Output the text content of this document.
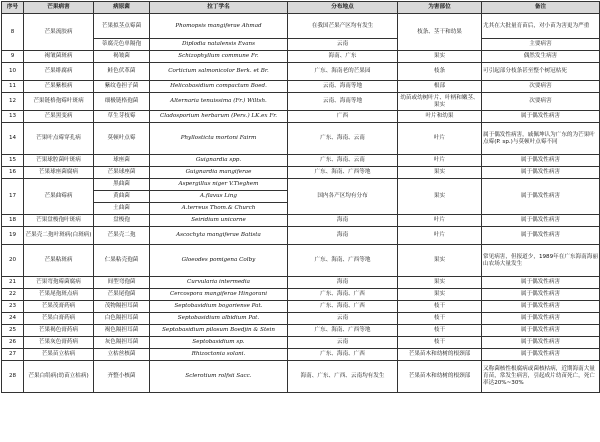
序号	芒果病害	病原菌	拉丁学名	分布地点	为害部位	备注
8	芒果流胶病	芒果拟茎点霉菌	Phomopsis mangiferae Ahmad	在我国芒果产区均有发生	枝条、茎干和幼果	尤其在大批量育苗后，对小苗为害更为严重
		蒂腐壳色单隔孢	Diplodia natalensis Evans	云南		主要病害
9	褐皱菌斑病	褐皱菌	Schizophyllum commune Fr.	海南、广东	果实	偶然发生病害
10	芒果绯腐病	鲑色伏革菌	Corticium salmonicolor Berk. et Br.	广东、海南老的芒果园	枝条	可引起部分枝条甚至整个树冠枯死
11	芒果紫根病	紫纹卷担子菌	Helicobasidium compactum Boed.	云南、海南等地	根部	次要病害
12	芒果链格孢霉叶斑病	细极链格孢菌	Alternaria tenuissima (Fr.) Wiltsh.	云南、海南等地	幼苗或幼树叶片、叶柄和嫩茎、果实	次要病害
13	芒果黑变病	草生芽枝霉	Cladosporium herbarum (Pers.) LK.ex Fr.	广西	叶片和幼果	属于偶发性病害
14	芒果叶点霉穿孔病	莫顿叶点霉	Phyllosticta mortoni Fairm	广东、海南、云南	叶片	属于偶发性病害，戚佩坤认为广东的为芒果叶点霉(P. sp.)与莫顿叶点霉不同
15	芒果球腔菌叶斑病	球座菌	Guignardia spp.	广东、海南、云南	叶片	属于偶发性病害
16	芒果球座菌腐病	芒果球座菌	Guignardia mangiferae	广东、海南、广西等地	果实	属于偶发性病害
17	芒果曲霉病	黑曲菌	Aspergillus niger V.Tieghem	国内各产区均有分布	果实	属于偶发性病害
		黄曲菌	A.flavus Ling			
		土曲菌	A.terreus Thom.& Church			
18	芒果盘梭孢叶斑病	盘梭孢	Seiridium unicorne	海南	叶片	属于偶发性病害
19	芒果壳二孢叶斑病(白斑病)	芒果壳二孢	Ascochyta mangiferae Batista	海南	叶片	属于偶发性病害
20	芒果粘斑病	仁果粘壳孢菌	Gloeodes pomigena Colby	广东、海南、广西等地	果实	常见病害，但报道少，1989年在广东海南海丽山农场大量发生
21	芒果弯孢霉菌腐病	间型弯孢菌	Curvularia intermedia	海南	果实	属于偶发性病害
22	芒果尾孢斑点病	芒果尾孢菌	Cercospora mangiferae Hingorani	广东、海南、广西	果实	属于偶发性病害
23	芒果茂膏药病	茂物隔担耳菌	Septobasidium bogoriense Pat.	广东、海南、广西	枝干	属于偶发性病害
24	芒果白膏药病	白色隔担耳菌	Septobasidium albidium Pat.	云南	枝干	属于偶发性病害
25	芒果褐色膏药病	褐色隔担耳菌	Septobasidium pilosum Boedjin & Stein	广东、海南、广西等地	枝干	属于偶发性病害
26	芒果灰色膏药病	灰色隔担耳菌	Septobasidium sp.	云南	枝干	属于偶发性病害
27	芒果苗立枯病	立枯丝核菌	Rhizoctonia solani.	广东、海南、广西	芒果苗木和幼树的根颈部	属于偶发性病害
28	芒果白绢病(幼苗立枯病)	齐整小核菌	Sclerotium rolfsii Sacc.	海南、广东、广西、云南均有发生	芒果苗木和幼树的根颈部	又称菌核性根腐病或菌核枯病，近期海南大量育苗，常发生病害，引起成片幼苗死亡，死亡率达20%~30%
